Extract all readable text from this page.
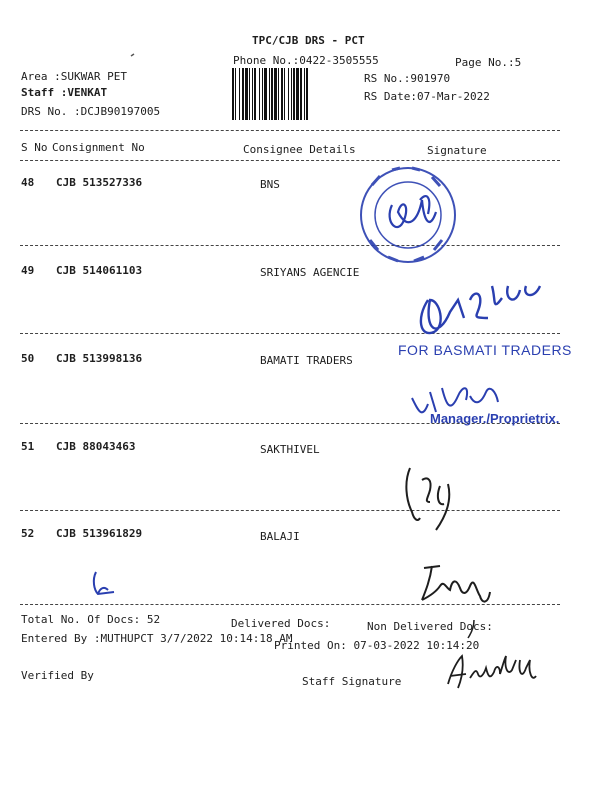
TPC/CJB DRS - PCT
Phone No.:0422-3505555	Page No.:5
Area :SUKWAR PET
Staff :VENKAT
DRS No. :DCJB90197005
RS No.:901970
RS Date:07-Mar-2022
S No Consignment No	Consignee Details	Signature
48 CJB 513527336	BNS
49 CJB 514061103	SRIYANS AGENCIE
50 CJB 513998136	BAMATI TRADERS
51 CJB 88043463	SAKTHIVEL
52 CJB 513961829	BALAJI
Total No. Of Docs: 52	Delivered Docs:	Non Delivered Docs:
Entered By :MUTHUPCT 3/7/2022 10:14:18 AM
Printed On: 07-03-2022 10:14:20
Verified By	Staff Signature
FOR BASMATI TRADERS
Manager./Proprietrix.
